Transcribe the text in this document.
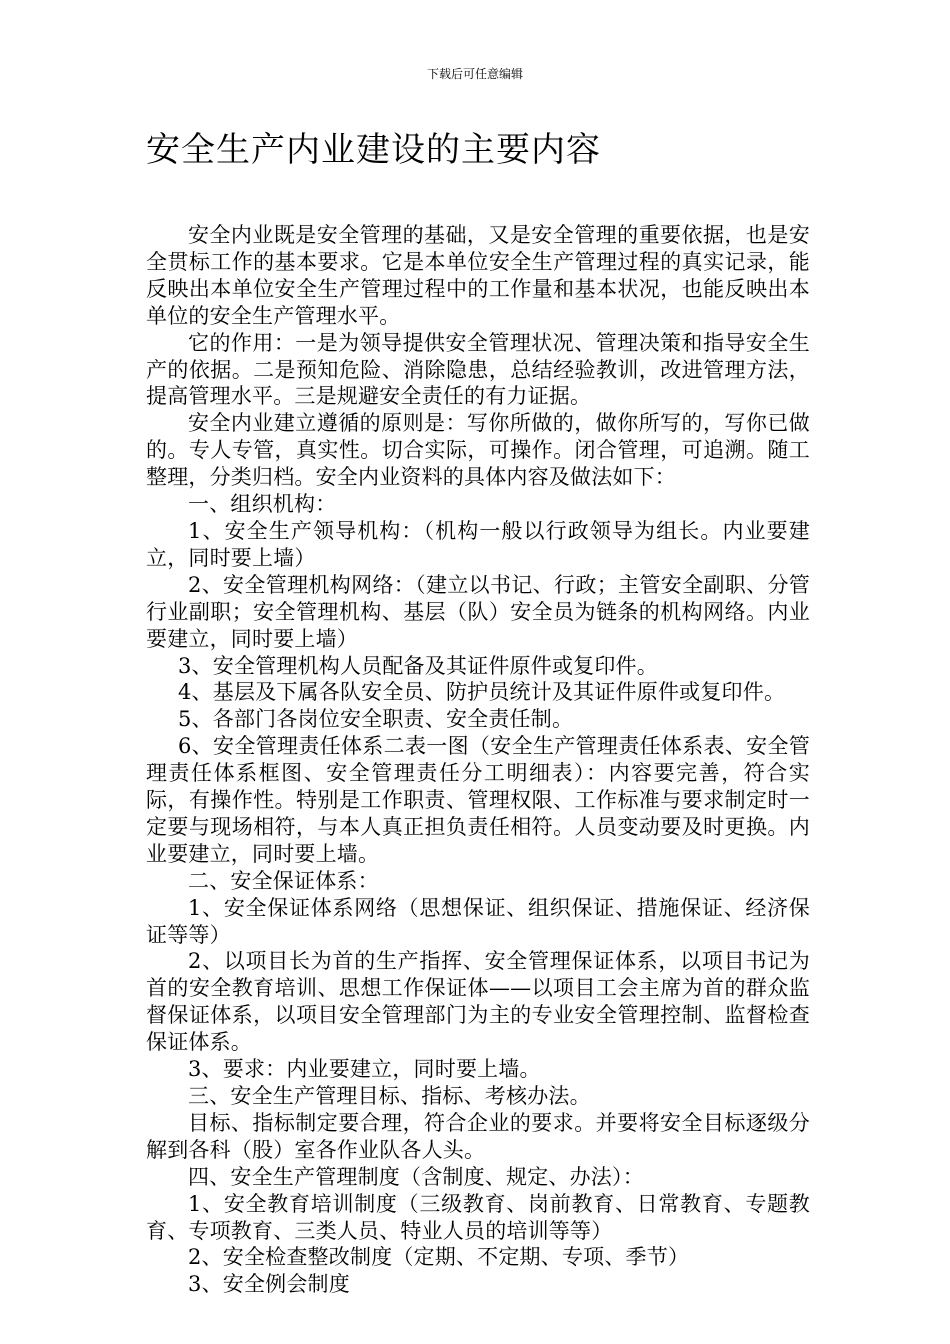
下载后可任意编辑
安全生产内业建设的主要内容

安全内业既是安全管理的基础，又是安全管理的重要依据，也是安全贯标工作的基本要求。它是本单位安全生产管理过程的真实记录，能反映出本单位安全生产管理过程中的工作量和基本状况，也能反映出本单位的安全生产管理水平。

它的作用：一是为领导提供安全管理状况、管理决策和指导安全生产的依据。二是预知危险、消除隐患，总结经验教训，改进管理方法，提高管理水平。三是规避安全责任的有力证据。

安全内业建立遵循的原则是：写你所做的，做你所写的，写你已做的。专人专管，真实性。切合实际，可操作。闭合管理，可追溯。随工整理，分类归档。安全内业资料的具体内容及做法如下：

一、组织机构：

1、安全生产领导机构：（机构一般以行政领导为组长。内业要建立，同时要上墙）

2、安全管理机构网络：（建立以书记、行政；主管安全副职、分管行业副职；安全管理机构、基层（队）安全员为链条的机构网络。内业要建立，同时要上墙）

3、安全管理机构人员配备及其证件原件或复印件。

4、基层及下属各队安全员、防护员统计及其证件原件或复印件。

5、各部门各岗位安全职责、安全责任制。

6、安全管理责任体系二表一图（安全生产管理责任体系表、安全管理责任体系框图、安全管理责任分工明细表）：内容要完善，符合实际，有操作性。特别是工作职责、管理权限、工作标准与要求制定时一定要与现场相符，与本人真正担负责任相符。人员变动要及时更换。内业要建立，同时要上墙。

二、安全保证体系：

1、安全保证体系网络（思想保证、组织保证、措施保证、经济保证等等）

2、以项目长为首的生产指挥、安全管理保证体系，以项目书记为首的安全教育培训、思想工作保证体——以项目工会主席为首的群众监督保证体系，以项目安全管理部门为主的专业安全管理控制、监督检查保证体系。

3、要求：内业要建立，同时要上墙。

三、安全生产管理目标、指标、考核办法。

目标、指标制定要合理，符合企业的要求。并要将安全目标逐级分解到各科（股）室各作业队各人头。

四、安全生产管理制度（含制度、规定、办法）：

1、安全教育培训制度（三级教育、岗前教育、日常教育、专题教育、专项教育、三类人员、特业人员的培训等等）

2、安全检查整改制度（定期、不定期、专项、季节）

3、安全例会制度
